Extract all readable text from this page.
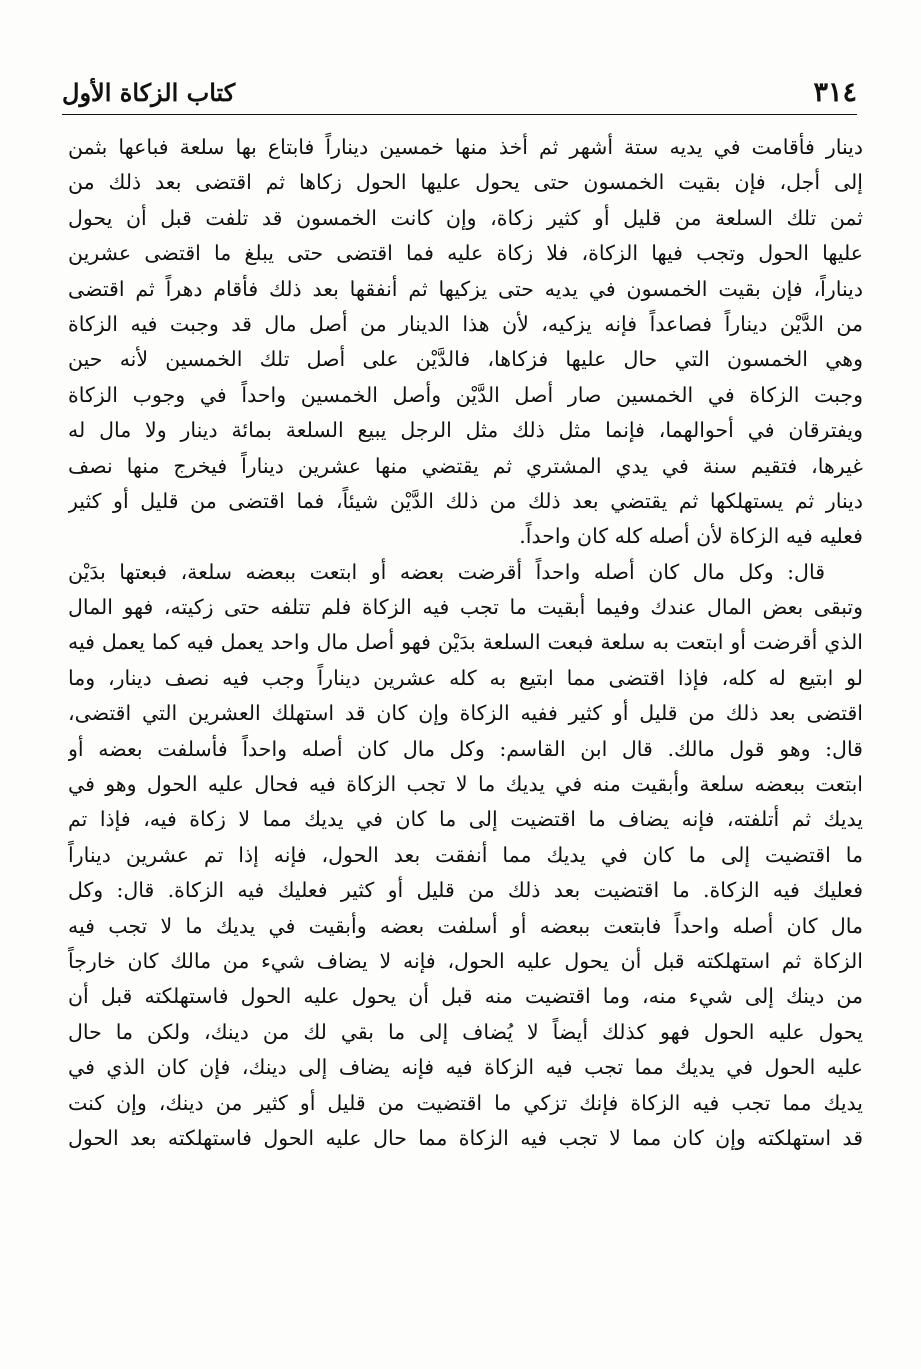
٣١٤
كتاب الزكاة الأول
دينار فأقامت في يديه ستة أشهر ثم أخذ منها خمسين ديناراً فابتاع بها سلعة فباعها بثمن
إلى أجل، فإن بقيت الخمسون حتى يحول عليها الحول زكاها ثم اقتضى بعد ذلك من
ثمن تلك السلعة من قليل أو كثير زكاة، وإن كانت الخمسون قد تلفت قبل أن يحول
عليها الحول وتجب فيها الزكاة، فلا زكاة عليه فما اقتضى حتى يبلغ ما اقتضى عشرين
ديناراً، فإن بقيت الخمسون في يديه حتى يزكيها ثم أنفقها بعد ذلك فأقام دهراً ثم اقتضى
من الدَّيْن ديناراً فصاعداً فإنه يزكيه، لأن هذا الدينار من أصل مال قد وجبت فيه الزكاة
وهي الخمسون التي حال عليها فزكاها، فالدَّيْن على أصل تلك الخمسين لأنه حين
وجبت الزكاة في الخمسين صار أصل الدَّيْن وأصل الخمسين واحداً في وجوب الزكاة
ويفترقان في أحوالهما، فإنما مثل ذلك مثل الرجل يبيع السلعة بمائة دينار ولا مال له
غيرها، فتقيم سنة في يدي المشتري ثم يقتضي منها عشرين ديناراً فيخرج منها نصف
دينار ثم يستهلكها ثم يقتضي بعد ذلك من ذلك الدَّيْن شيئاً، فما اقتضى من قليل أو كثير
فعليه فيه الزكاة لأن أصله كله كان واحداً.
قال: وكل مال كان أصله واحداً أقرضت بعضه أو ابتعت ببعضه سلعة، فبعتها بدَيْن
وتبقى بعض المال عندك وفيما أبقيت ما تجب فيه الزكاة فلم تتلفه حتى زكيته، فهو المال
الذي أقرضت أو ابتعت به سلعة فبعت السلعة بدَيْن فهو أصل مال واحد يعمل فيه كما يعمل فيه
لو ابتيع له كله، فإذا اقتضى مما ابتيع به كله عشرين ديناراً وجب فيه نصف دينار، وما
اقتضى بعد ذلك من قليل أو كثير ففيه الزكاة وإن كان قد استهلك العشرين التي اقتضى،
قال: وهو قول مالك. قال ابن القاسم: وكل مال كان أصله واحداً فأسلفت بعضه أو
ابتعت ببعضه سلعة وأبقيت منه في يديك ما لا تجب الزكاة فيه فحال عليه الحول وهو في
يديك ثم أتلفته، فإنه يضاف ما اقتضيت إلى ما كان في يديك مما لا زكاة فيه، فإذا تم
ما اقتضيت إلى ما كان في يديك مما أنفقت بعد الحول، فإنه إذا تم عشرين ديناراً
فعليك فيه الزكاة. ما اقتضيت بعد ذلك من قليل أو كثير فعليك فيه الزكاة. قال: وكل
مال كان أصله واحداً فابتعت ببعضه أو أسلفت بعضه وأبقيت في يديك ما لا تجب فيه
الزكاة ثم استهلكته قبل أن يحول عليه الحول، فإنه لا يضاف شيء من مالك كان خارجاً
من دينك إلى شيء منه، وما اقتضيت منه قبل أن يحول عليه الحول فاستهلكته قبل أن
يحول عليه الحول فهو كذلك أيضاً لا يُضاف إلى ما بقي لك من دينك، ولكن ما حال
عليه الحول في يديك مما تجب فيه الزكاة فيه فإنه يضاف إلى دينك، فإن كان الذي في
يديك مما تجب فيه الزكاة فإنك تزكي ما اقتضيت من قليل أو كثير من دينك، وإن كنت
قد استهلكته وإن كان مما لا تجب فيه الزكاة مما حال عليه الحول فاستهلكته بعد الحول
